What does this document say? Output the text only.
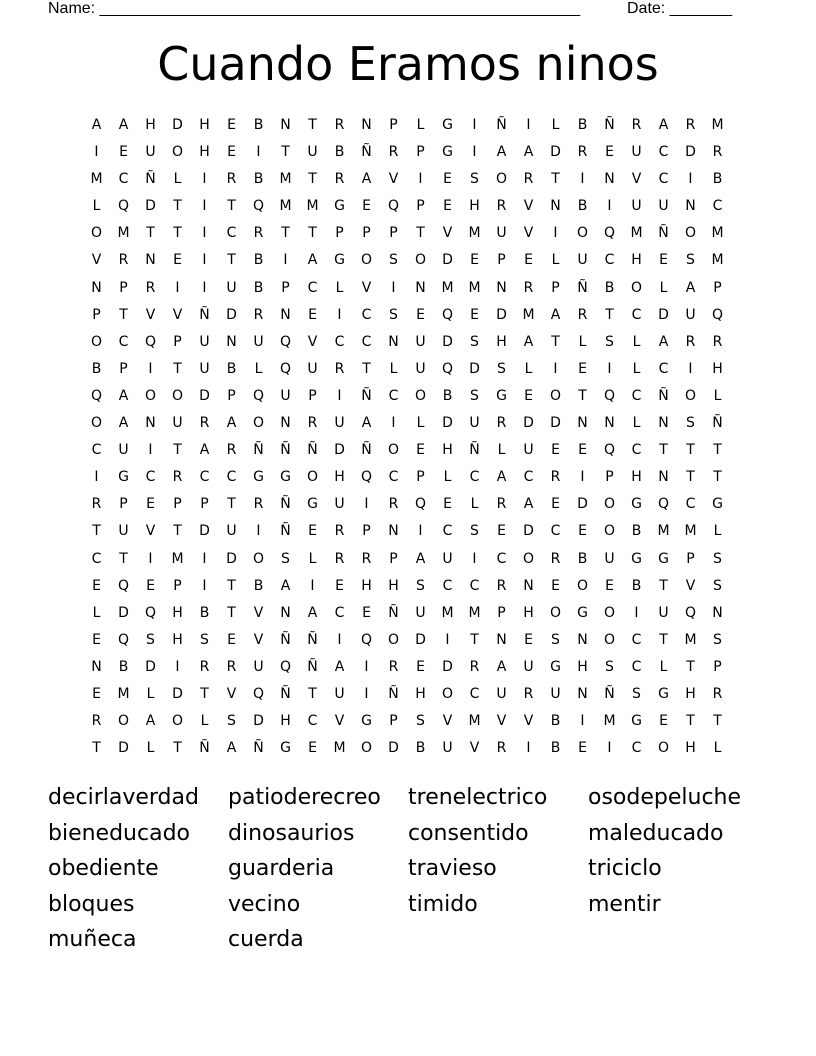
Name: ______________________________________________________	Date: _______
Cuando Eramos ninos
A	A	H	D	H	E	B	N	T	R	N	P	L	G	I	Ñ	I	L	B	Ñ	R	A	R	M
I	E	U	O	H	E	I	T	U	B	Ñ	R	P	G	I	A	A	D	R	E	U	C	D	R
M	C	Ñ	L	I	R	B	M	T	R	A	V	I	E	S	O	R	T	I	N	V	C	I	B
L	Q	D	T	I	T	Q	M	M	G	E	Q	P	E	H	R	V	N	B	I	U	U	N	C
O	M	T	T	I	C	R	T	T	P	P	P	T	V	M	U	V	I	O	Q	M	Ñ	O	M
V	R	N	E	I	T	B	I	A	G	O	S	O	D	E	P	E	L	U	C	H	E	S	M
N	P	R	I	I	U	B	P	C	L	V	I	N	M	M	N	R	P	Ñ	B	O	L	A	P
P	T	V	V	Ñ	D	R	N	E	I	C	S	E	Q	E	D	M	A	R	T	C	D	U	Q
O	C	Q	P	U	N	U	Q	V	C	C	N	U	D	S	H	A	T	L	S	L	A	R	R
B	P	I	T	U	B	L	Q	U	R	T	L	U	Q	D	S	L	I	E	I	L	C	I	H
Q	A	O	O	D	P	Q	U	P	I	Ñ	C	O	B	S	G	E	O	T	Q	C	Ñ	O	L
O	A	N	U	R	A	O	N	R	U	A	I	L	D	U	R	D	D	N	N	L	N	S	Ñ
C	U	I	T	A	R	Ñ	Ñ	Ñ	D	Ñ	O	E	H	Ñ	L	U	E	E	Q	C	T	T	T
I	G	C	R	C	C	G	G	O	H	Q	C	P	L	C	A	C	R	I	P	H	N	T	T
R	P	E	P	P	T	R	Ñ	G	U	I	R	Q	E	L	R	A	E	D	O	G	Q	C	G
T	U	V	T	D	U	I	Ñ	E	R	P	N	I	C	S	E	D	C	E	O	B	M	M	L
C	T	I	M	I	D	O	S	L	R	R	P	A	U	I	C	O	R	B	U	G	G	P	S
E	Q	E	P	I	T	B	A	I	E	H	H	S	C	C	R	N	E	O	E	B	T	V	S
L	D	Q	H	B	T	V	N	A	C	E	Ñ	U	M	M	P	H	O	G	O	I	U	Q	N
E	Q	S	H	S	E	V	Ñ	Ñ	I	Q	O	D	I	T	N	E	S	N	O	C	T	M	S
N	B	D	I	R	R	U	Q	Ñ	A	I	R	E	D	R	A	U	G	H	S	C	L	T	P
E	M	L	D	T	V	Q	Ñ	T	U	I	Ñ	H	O	C	U	R	U	N	Ñ	S	G	H	R
R	O	A	O	L	S	D	H	C	V	G	P	S	V	M	V	V	B	I	M	G	E	T	T
T	D	L	T	Ñ	A	Ñ	G	E	M	O	D	B	U	V	R	I	B	E	I	C	O	H	L
decirlaverdad	patioderecreo	trenelectrico	osodepeluche
bieneducado	dinosaurios	consentido	maleducado
obediente	guarderia	travieso	triciclo
bloques	vecino	timido	mentir
muñeca	cuerda
